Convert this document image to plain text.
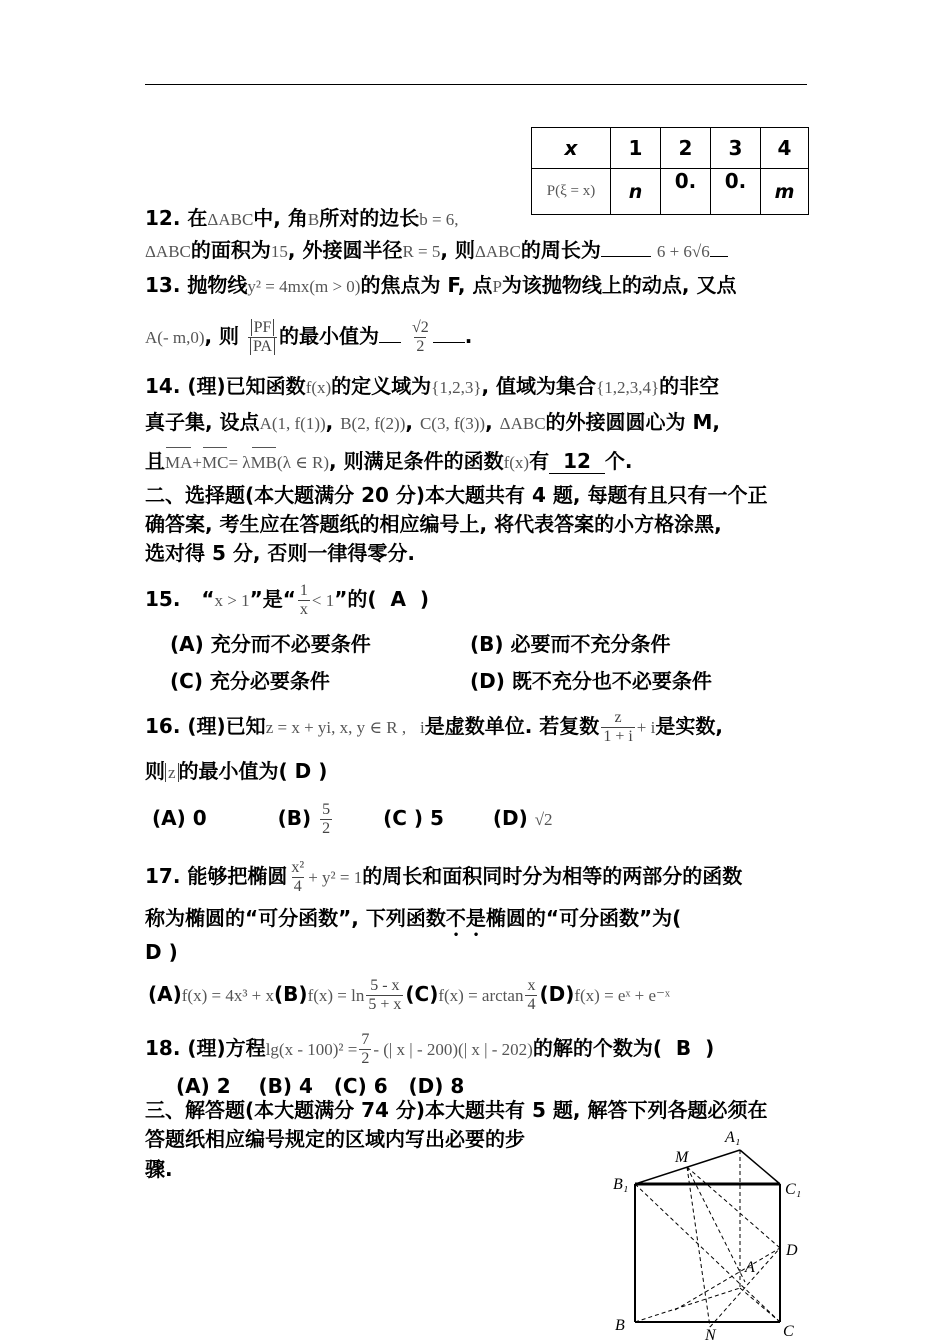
x	1	2	3	4
P(ξ = x)	n	0.	0.	m
12. 在ΔABC中, 角B所对的边长b = 6,
ΔABC的面积为15, 外接圆半径R = 5, 则ΔABC的周长为	6 + 6√6
13. 抛物线y² = 4mx(m > 0)的焦点为 F, 点P为该抛物线上的动点, 又点
A(- m,0), 则 $\frac{PF}{PA}$ 的最小值为 $\frac{√2}{2}$ .
14. (理)已知函数f(x)的定义域为{1,2,3}, 值域为集合{1,2,3,4}的非空
真子集, 设点A(1, f(1)), B(2, f(2)), C(3, f(3)), ΔABC的外接圆圆心为 M,
且MA+MC= λMB(λ ∈ R), 则满足条件的函数f(x)有 12 个.
二、选择题(本大题满分 20 分)本大题共有 4 题, 每题有且只有一个正
确答案, 考生应在答题纸的相应编号上, 将代表答案的小方格涂黑,
选对得 5 分, 否则一律得零分.
15. “x > 1”是“ $\frac{1}{x} < 1$”的( A )
(A) 充分而不必要条件	(B) 必要而不充分条件
(C) 充分必要条件	(D) 既不充分也不必要条件
16. (理)已知z = x + yi, x, y ∈ R , i是虚数单位. 若复数 $\frac{z}{1 + i} + i$是实数,
则 z 的最小值为( D )
(A) 0	$(B) \frac{5}{2}$	(C ) 5 (D) √2
17. 能够把椭圆 $\frac{\text{x²}}{4} + y^2 = 1$的周长和面积同时分为相等的两部分的函数
称为椭圆的“可分函数”, 下列函数不是椭圆的“可分函数”为(
D )
$(A)f(x) = 4x^3 + x(B)f(x) = \ln \frac{5 - x}{5 + x} (C)f(x) = \arctan \frac{x}{4} (D)f(x)$ = eˣ + e⁻ˣ
18. (理)方程$\lg(x - 100)^2 = \frac{7}{2}$ - (| x | - 200)(| x | - 202)的解的个数为( B )
(A) 2    (B) 4   (C) 6   (D) 8
三、解答题(本大题满分 74 分)本大题共有 5 题, 解答下列各题必须在
答题纸相应编号规定的区域内写出必要的步
骤.
A₁
M
B₁	C₁
D
A
B
N	C
